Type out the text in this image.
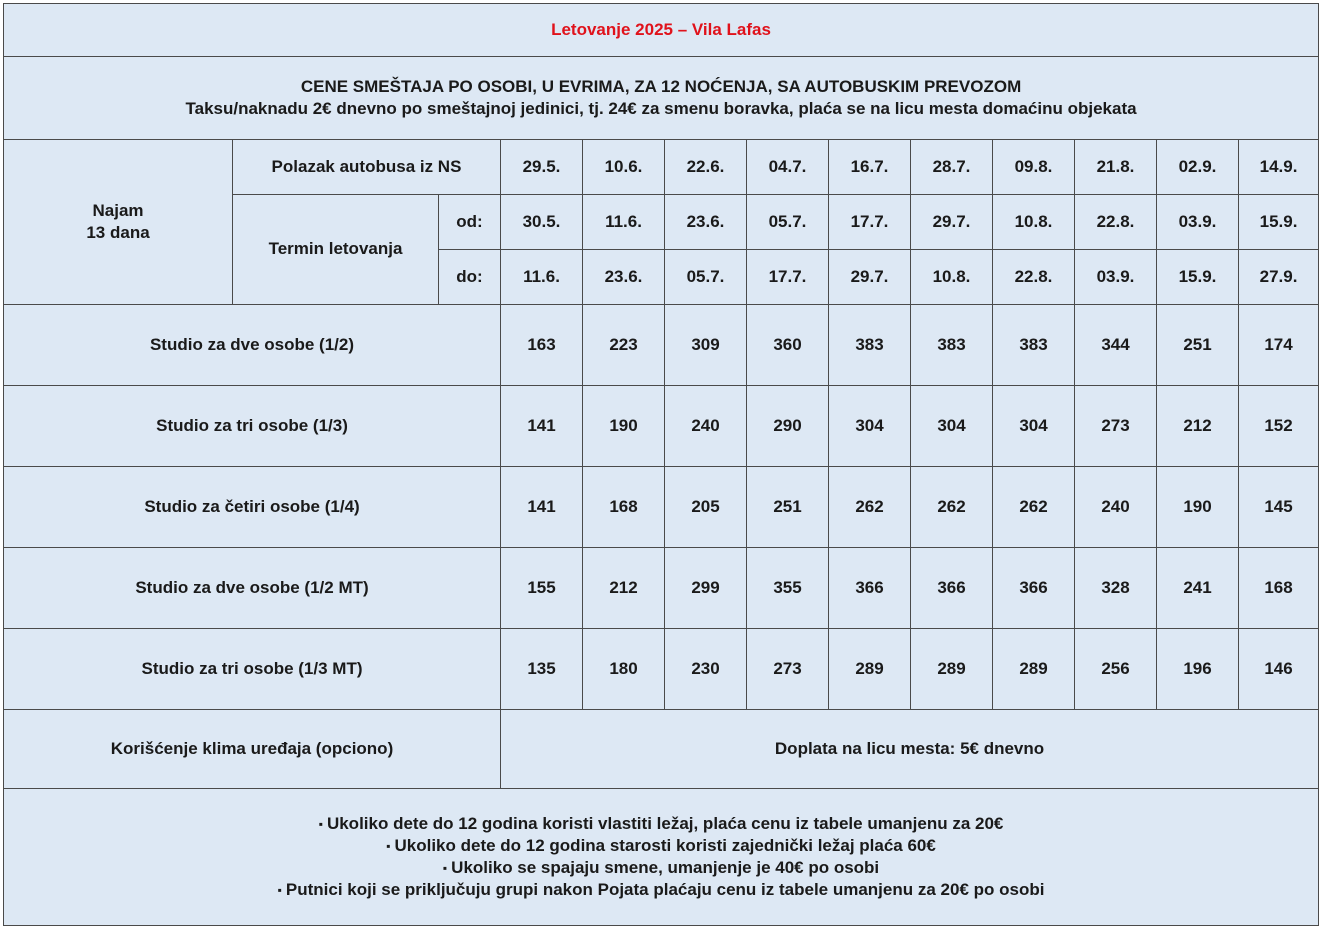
Letovanje 2025 – Vila Lafas												

CENE SMEŠTAJA PO OSOBI, U EVRIMA, ZA 12 NOĆENJA, SA AUTOBUSKIM PREVOZOM
Taksu/naknadu 2€ dnevno po smeštajnoj jedinici, tj. 24€ za smenu boravka, plaća se na licu mesta domaćinu objekata												

Najam
13 dana	Polazak autobusa iz NS		29.5.	10.6.	22.6.	04.7.	16.7.	28.7.	09.8.	21.8.	02.9.	14.9.
	Termin letovanja	od:	30.5.	11.6.	23.6.	05.7.	17.7.	29.7.	10.8.	22.8.	03.9.	15.9.
		do:	11.6.	23.6.	05.7.	17.7.	29.7.	10.8.	22.8.	03.9.	15.9.	27.9.
Studio za dve osobe (1/2)			163	223	309	360	383	383	383	344	251	174
Studio za tri osobe (1/3)			141	190	240	290	304	304	304	273	212	152
Studio za četiri osobe (1/4)			141	168	205	251	262	262	262	240	190	145
Studio za dve osobe (1/2 MT)			155	212	299	355	366	366	366	328	241	168
Studio za tri osobe (1/3 MT)			135	180	230	273	289	289	289	256	196	146
Korišćenje klima uređaja (opciono)			Doplata na licu mesta: 5€ dnevno									

▪ Ukoliko dete do 12 godina koristi vlastiti ležaj, plaća cenu iz tabele umanjenu za 20€
▪ Ukoliko dete do 12 godina starosti koristi zajednički ležaj plaća 60€
▪ Ukoliko se spajaju smene, umanjenje je 40€ po osobi
▪ Putnici koji se priključuju grupi nakon Pojata plaćaju cenu iz tabele umanjenu za 20€ po osobi												
